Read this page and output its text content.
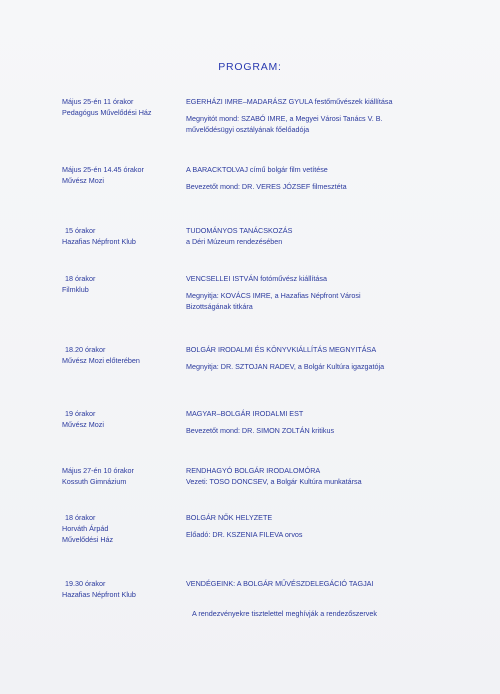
PROGRAM:
Május 25-én 11 órakor
Pedagógus Művelődési Ház
EGERHÁZI IMRE–MADARÁSZ GYULA festőművészek kiállítása
Megnyitót mond: SZABÓ IMRE, a Megyei Városi Tanács V. B.
művelődésügyi osztályának főelőadója
Május 25-én 14.45 órakor
Művész Mozi
A BARACKTOLVAJ című bolgár film vetítése
Bevezetőt mond: DR. VERES JÓZSEF filmesztéta
15 órakor
Hazafias Népfront Klub
TUDOMÁNYOS TANÁCSKOZÁS
a Déri Múzeum rendezésében
18 órakor
Filmklub
VENCSELLEI ISTVÁN fotóművész kiállítása
Megnyitja: KOVÁCS IMRE, a Hazafias Népfront Városi
Bizottságának titkára
18.20 órakor
Művész Mozi előterében
BOLGÁR IRODALMI ÉS KÖNYVKIÁLLÍTÁS MEGNYITÁSA
Megnyitja: DR. SZTOJAN RADEV, a Bolgár Kultúra igazgatója
19 órakor
Művész Mozi
MAGYAR–BOLGÁR IRODALMI EST
Bevezetőt mond: DR. SIMON ZOLTÁN kritikus
Május 27-én 10 órakor
Kossuth Gimnázium
RENDHAGYÓ BOLGÁR IRODALOMÓRA
Vezeti: TOSO DONCSEV, a Bolgár Kultúra munkatársa
18 órakor
Horváth Árpád
Művelődési Ház
BOLGÁR NŐK HELYZETE
Előadó: DR. KSZENIA FILEVA orvos
19.30 órakor
Hazafias Népfront Klub
VENDÉGEINK: A BOLGÁR MŰVÉSZDELEGÁCIÓ TAGJAI
A rendezvényekre tisztelettel meghívják a rendezőszervek
